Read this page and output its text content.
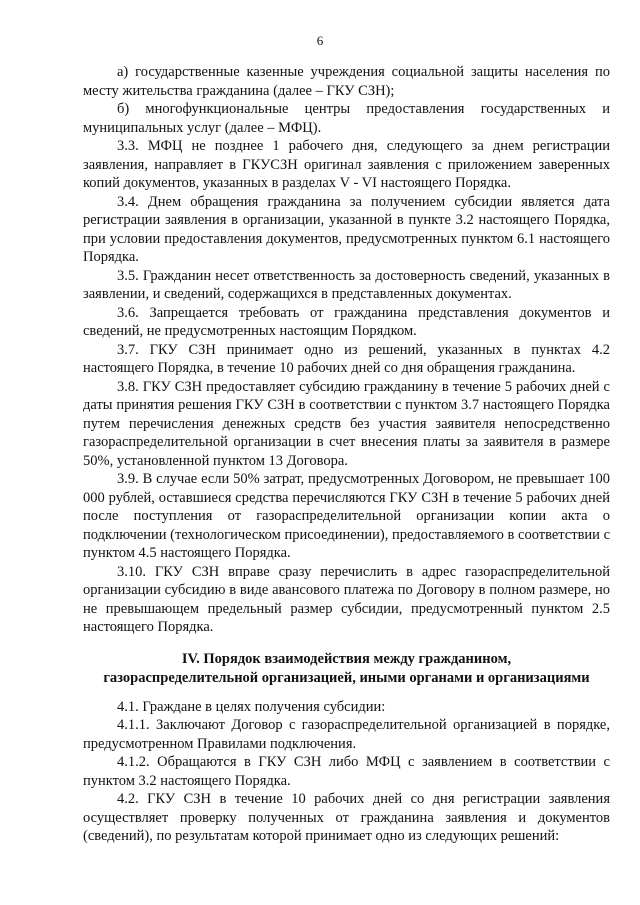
6

а) государственные казенные учреждения социальной защиты населения по месту жительства гражданина (далее – ГКУ СЗН);

б) многофункциональные центры предоставления государственных и муниципальных услуг (далее – МФЦ).

3.3. МФЦ не позднее 1 рабочего дня, следующего за днем регистрации заявления, направляет в ГКУСЗН оригинал заявления с приложением заверенных копий документов, указанных в разделах V - VI настоящего Порядка.

3.4. Днем обращения гражданина за получением субсидии является дата регистрации заявления в организации, указанной в пункте 3.2 настоящего Порядка, при условии предоставления документов, предусмотренных пунктом 6.1 настоящего Порядка.

3.5. Гражданин несет ответственность за достоверность сведений, указанных в заявлении, и сведений, содержащихся в представленных документах.

3.6. Запрещается требовать от гражданина представления документов и сведений, не предусмотренных настоящим Порядком.

3.7. ГКУ СЗН принимает одно из решений, указанных в пунктах 4.2 настоящего Порядка, в течение 10 рабочих дней со дня обращения гражданина.

3.8. ГКУ СЗН предоставляет субсидию гражданину в течение 5 рабочих дней с даты принятия решения ГКУ СЗН в соответствии с пунктом 3.7 настоящего Порядка путем перечисления денежных средств без участия заявителя непосредственно газораспределительной организации в счет внесения платы за заявителя в размере 50%, установленной пунктом 13 Договора.

3.9. В случае если 50% затрат, предусмотренных Договором, не превышает 100 000 рублей, оставшиеся средства перечисляются ГКУ СЗН в течение 5 рабочих дней после поступления от газораспределительной организации копии акта о подключении (технологическом присоединении), предоставляемого в соответствии с пунктом 4.5 настоящего Порядка.

3.10. ГКУ СЗН вправе сразу перечислить в адрес газораспределительной организации субсидию в виде авансового платежа по Договору в полном размере, но не превышающем предельный размер субсидии, предусмотренный пунктом 2.5 настоящего Порядка.

IV. Порядок взаимодействия между гражданином,
газораспределительной организацией, иными органами и организациями

4.1. Граждане в целях получения субсидии:

4.1.1. Заключают Договор с газораспределительной организацией в порядке, предусмотренном Правилами подключения.

4.1.2. Обращаются в ГКУ СЗН либо МФЦ с заявлением в соответствии с пунктом 3.2 настоящего Порядка.

4.2. ГКУ СЗН в течение 10 рабочих дней со дня регистрации заявления осуществляет проверку полученных от гражданина заявления и документов (сведений), по результатам которой принимает одно из следующих решений:
